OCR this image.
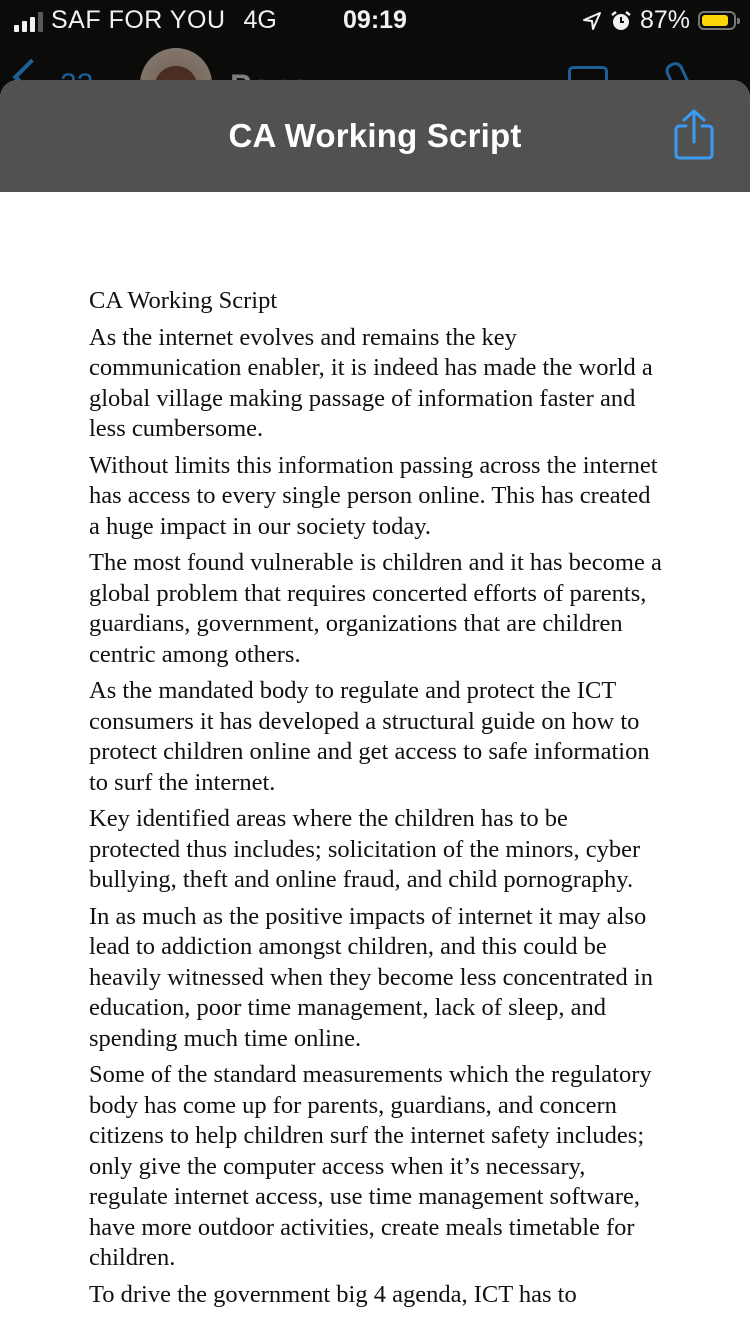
SAF FOR YOU 4G	09:19	87%
CA Working Script

CA Working Script

As the internet evolves and remains the key communication enabler, it is indeed has made the world a global village making passage of information faster and less cumbersome.

Without limits this information passing across the internet has access to every single person online. This has created a huge impact in our society today.

The most found vulnerable is children and it has become a global problem that requires concerted efforts of parents, guardians, government, organizations that are children centric among others.

As the mandated body to regulate and protect the ICT consumers it has developed a structural guide on how to protect children online and get access to safe information to surf the internet.

Key identified areas where the children has to be protected thus includes; solicitation of the minors, cyber bullying, theft and online fraud, and child pornography.

In as much as the positive impacts of internet it may also lead to addiction amongst children, and this could be heavily witnessed when they become less concentrated in education, poor time management, lack of sleep, and spending much time online.

Some of the standard measurements which the regulatory body has come up for parents, guardians, and concern citizens to help children surf the internet safety includes; only give the computer access when it’s necessary, regulate internet access, use time management software, have more outdoor activities, create meals timetable for children.

To drive the government big 4 agenda, ICT has to
